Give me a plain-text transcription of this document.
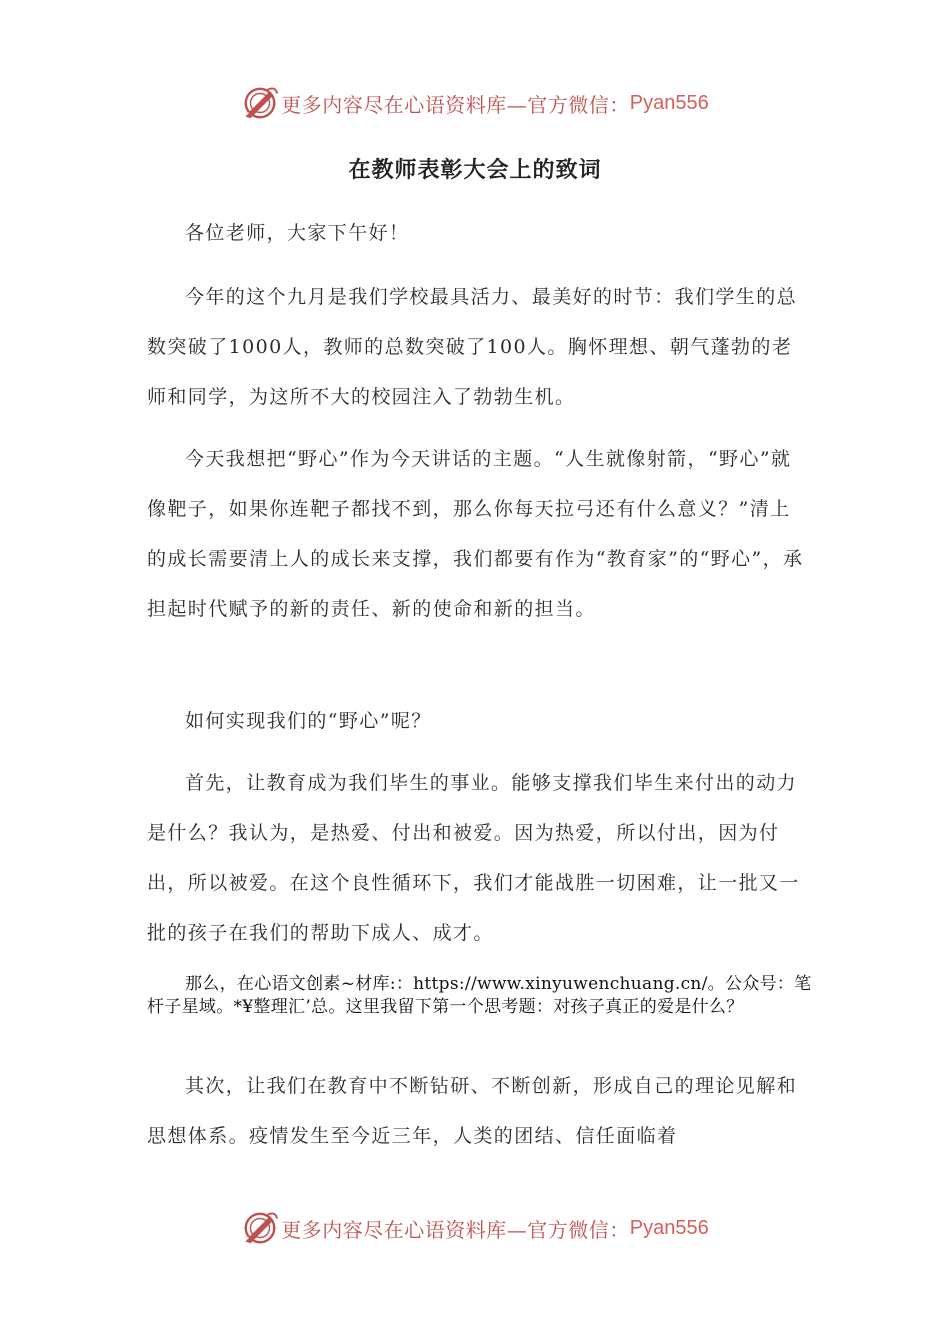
更多内容尽在心语资料库—官方微信： Pyan556
在教师表彰大会上的致词
各位老师，大家下午好！
今年的这个九月是我们学校最具活力、最美好的时节：我们学生的总数突破了1000人，教师的总数突破了100人。胸怀理想、朝气蓬勃的老师和同学，为这所不大的校园注入了勃勃生机。
今天我想把“野心”作为今天讲话的主题。“人生就像射箭，“野心”就像靶子，如果你连靶子都找不到，那么你每天拉弓还有什么意义？”清上的成长需要清上人的成长来支撑，我们都要有作为“教育家”的“野心”，承担起时代赋予的新的责任、新的使命和新的担当。
如何实现我们的“野心”呢？
首先，让教育成为我们毕生的事业。能够支撑我们毕生来付出的动力是什么？我认为，是热爱、付出和被爱。因为热爱，所以付出，因为付出，所以被爱。在这个良性循环下，我们才能战胜一切困难，让一批又一批的孩子在我们的帮助下成人、成才。
那么，在心语文创素~材库:：https://www.xinyuwenchuang.cn/。公众号：笔杆子星域。*¥整理汇’总。这里我留下第一个思考题：对孩子真正的爱是什么？
其次，让我们在教育中不断钻研、不断创新，形成自己的理论见解和思想体系。疫情发生至今近三年，人类的团结、信任面临着
更多内容尽在心语资料库—官方微信： Pyan556
